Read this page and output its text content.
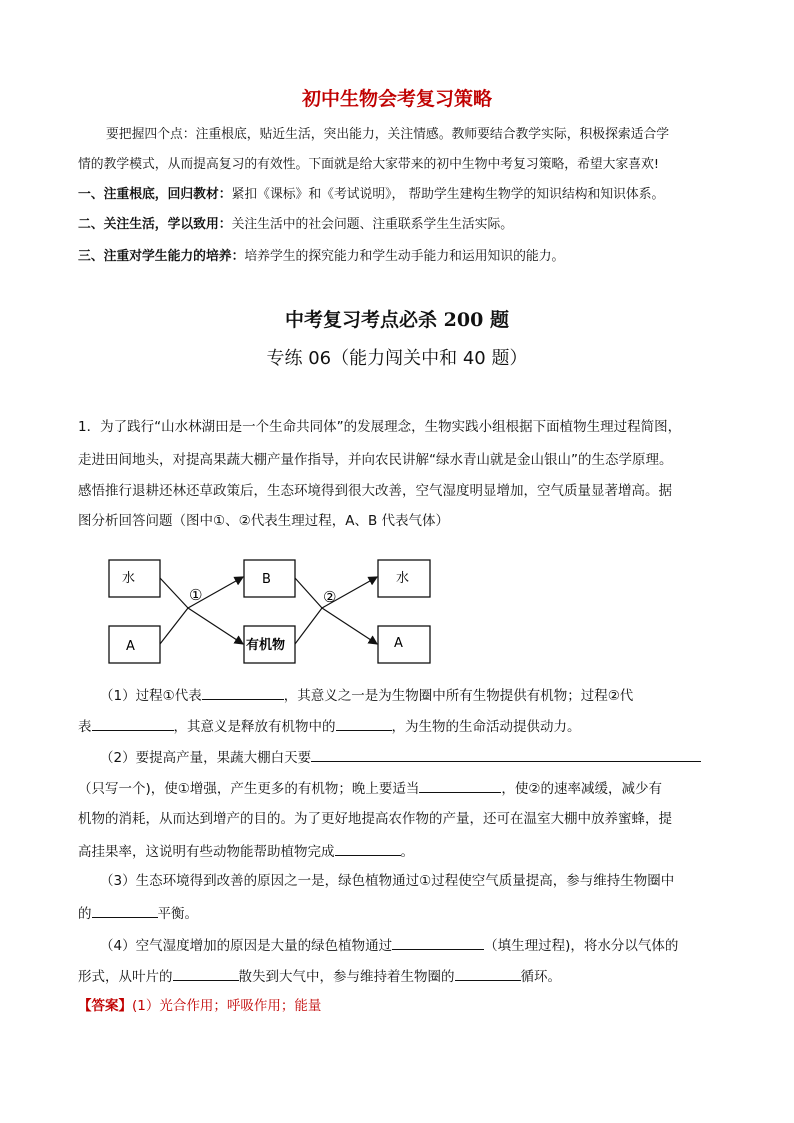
初中生物会考复习策略
要把握四个点：注重根底，贴近生活，突出能力，关注情感。教师要结合教学实际，积极探索适合学
情的教学模式，从而提高复习的有效性。下面就是给大家带来的初中生物中考复习策略，希望大家喜欢!
一、注重根底，回归教材：紧扣《课标》和《考试说明》， 帮助学生建构生物学的知识结构和知识体系。
二、关注生活，学以致用：关注生活中的社会问题、注重联系学生生活实际。
三、注重对学生能力的培养：培养学生的探究能力和学生动手能力和运用知识的能力。
中考复习考点必杀 200 题
专练 06（能力闯关中和 40 题）
1．为了践行“山水林湖田是一个生命共同体”的发展理念，生物实践小组根据下面植物生理过程简图，
走进田间地头，对提高果蔬大棚产量作指导，并向农民讲解“绿水青山就是金山银山”的生态学原理。
感悟推行退耕还林还草政策后，生态环境得到很大改善，空气湿度明显增加，空气质量显著增高。据
图分析回答问题（图中①、②代表生理过程，A、B 代表气体）
水
A
B
有机物
水
A
①	②
（1）过程①代表	，其意义之一是为生物圈中所有生物提供有机物；过程②代
表	，其意义是释放有机物中的	，为生物的生命活动提供动力。
（2）要提高产量，果蔬大棚白天要
（只写一个)，使①增强，产生更多的有机物；晚上要适当	，使②的速率减缓，减少有
机物的消耗，从而达到增产的目的。为了更好地提高农作物的产量，还可在温室大棚中放养蜜蜂，提
高挂果率，这说明有些动物能帮助植物完成	。
（3）生态环境得到改善的原因之一是，绿色植物通过①过程使空气质量提高，参与维持生物圈中
的	平衡。
（4）空气湿度增加的原因是大量的绿色植物通过	（填生理过程)，将水分以气体的
形式，从叶片的	散失到大气中，参与维持着生物圈的	循环。
【答案】(1）光合作用；呼吸作用；能量
